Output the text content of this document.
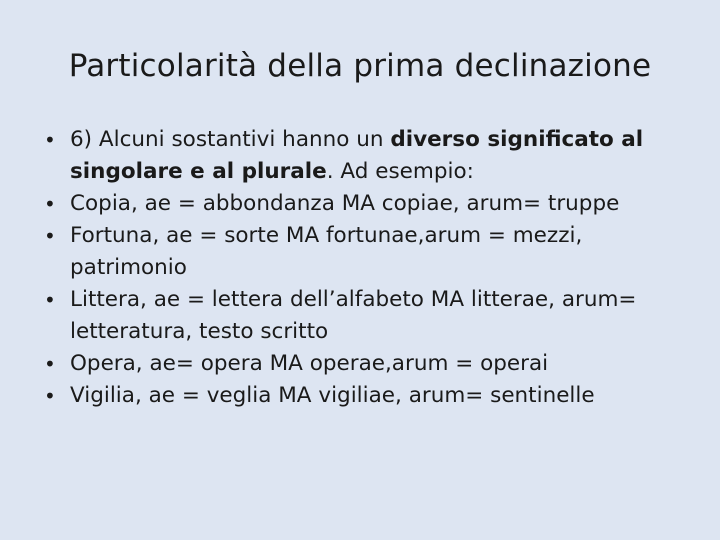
Particolarità della prima declinazione
• 6) Alcuni sostantivi hanno un diverso significato al singolare e al plurale. Ad esempio:
• Copia, ae = abbondanza MA copiae, arum= truppe
• Fortuna, ae = sorte MA fortunae,arum = mezzi, patrimonio
• Littera, ae = lettera dell’alfabeto MA litterae, arum= letteratura, testo scritto
• Opera, ae= opera MA operae,arum = operai
• Vigilia, ae = veglia MA vigiliae, arum= sentinelle
